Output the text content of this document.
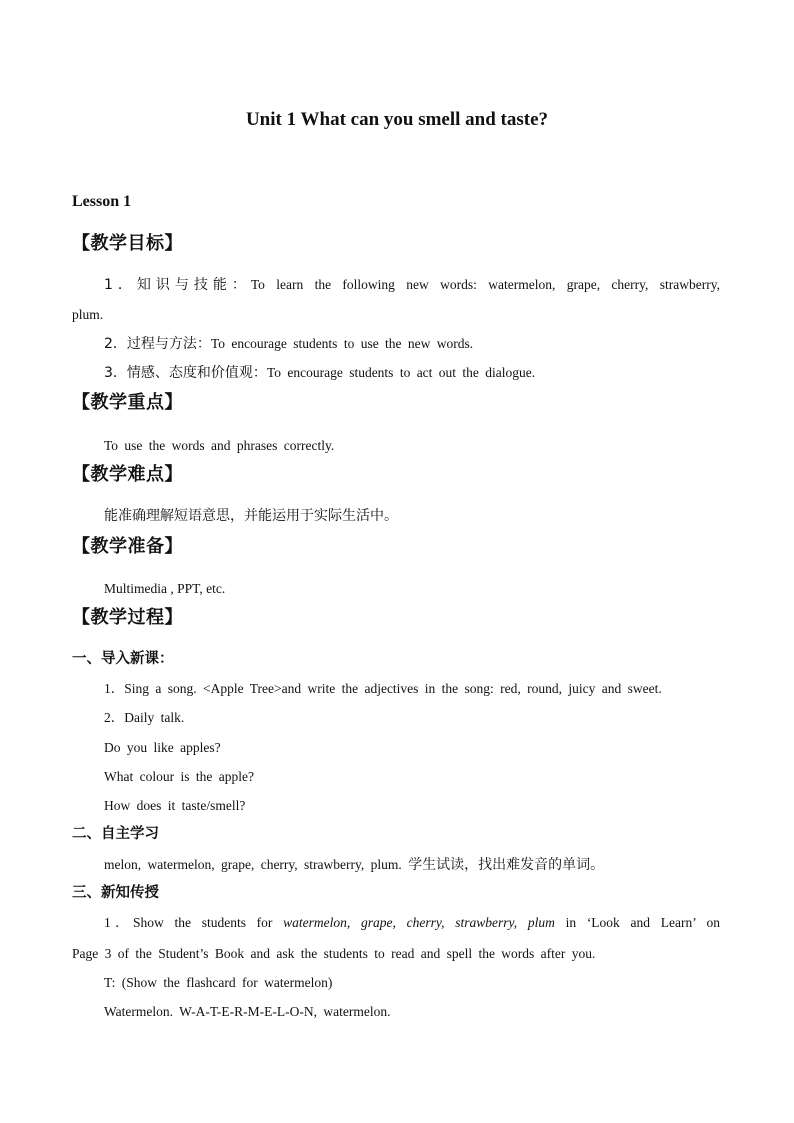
Unit 1 What can you smell and taste?
Lesson 1
【教学目标】
1．知识与技能：To learn the following new words: watermelon, grape, cherry, strawberry,
plum.
2．过程与方法：To encourage students to use the new words.
3．情感、态度和价值观：To encourage students to act out the dialogue.
【教学重点】
To use the words and phrases correctly.
【教学难点】
能准确理解短语意思，并能运用于实际生活中。
【教学准备】
Multimedia , PPT, etc.
【教学过程】
一、导入新课：
1．Sing a song. <Apple Tree>and write the adjectives in the song: red, round, juicy and sweet.
2．Daily talk.
Do you like apples?
What colour is the apple?
How does it taste/smell?
二、自主学习
melon, watermelon, grape, cherry, strawberry, plum. 学生试读，找出难发音的单词。
三、新知传授
1．Show the students for watermelon, grape, cherry, strawberry, plum in ‘Look and Learn’ on
Page 3 of the Student’s Book and ask the students to read and spell the words after you.
T: (Show the flashcard for watermelon)
Watermelon. W-A-T-E-R-M-E-L-O-N, watermelon.
